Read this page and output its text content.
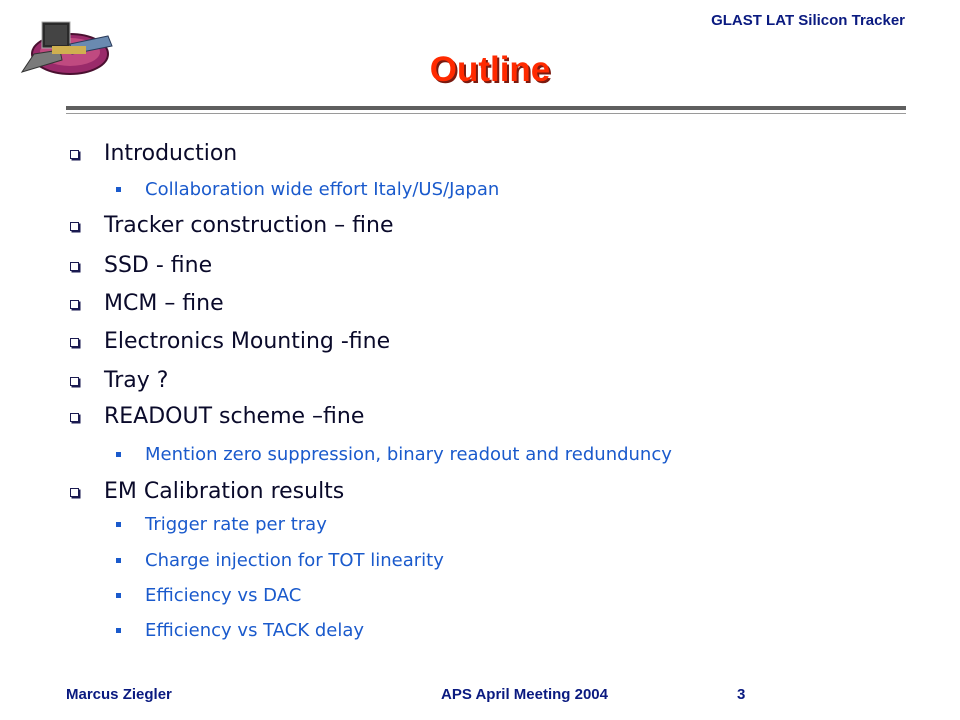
GLAST LAT Silicon Tracker
Outline
Introduction
Collaboration wide effort Italy/US/Japan
Tracker construction – fine
SSD - fine
MCM – fine
Electronics Mounting -fine
Tray ?
READOUT scheme –fine
Mention zero suppression, binary readout and redunduncy
EM Calibration results
Trigger rate per tray
Charge injection for TOT linearity
Efficiency vs DAC
Efficiency vs TACK delay
Marcus Ziegler	APS April Meeting 2004	3
